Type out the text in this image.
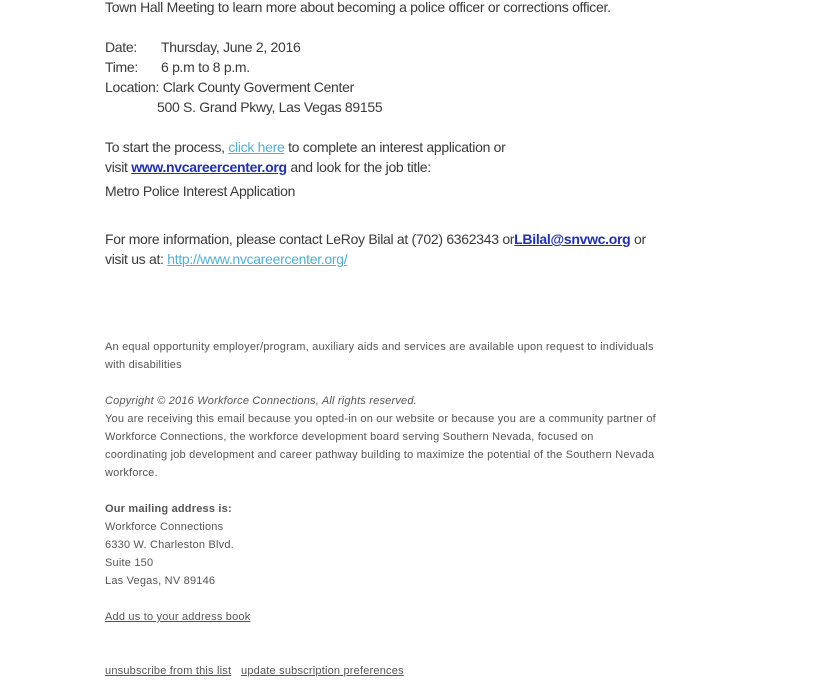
Town Hall Meeting to learn more about becoming a police officer or corrections officer.
Date: Thursday, June 2, 2016
Time: 6 p.m to 8 p.m.
Location: Clark County Goverment Center
500 S. Grand Pkwy, Las Vegas 89155
To start the process, click here to complete an interest application or
visit www.nvcareercenter.org and look for the job title:
Metro Police Interest Application
For more information, please contact LeRoy Bilal at (702) 6362343 orLBilal@snvwc.org or
visit us at: http://www.nvcareercenter.org/
An equal opportunity employer/program, auxiliary aids and services are available upon request to individuals
with disabilities
Copyright © 2016 Workforce Connections, All rights reserved.
You are receiving this email because you opted-in on our website or because you are a community partner of
Workforce Connections, the workforce development board serving Southern Nevada, focused on
coordinating job development and career pathway building to maximize the potential of the Southern Nevada
workforce.
Our mailing address is:
Workforce Connections
6330 W. Charleston Blvd.
Suite 150
Las Vegas, NV 89146
Add us to your address book
unsubscribe from this list update subscription preferences
